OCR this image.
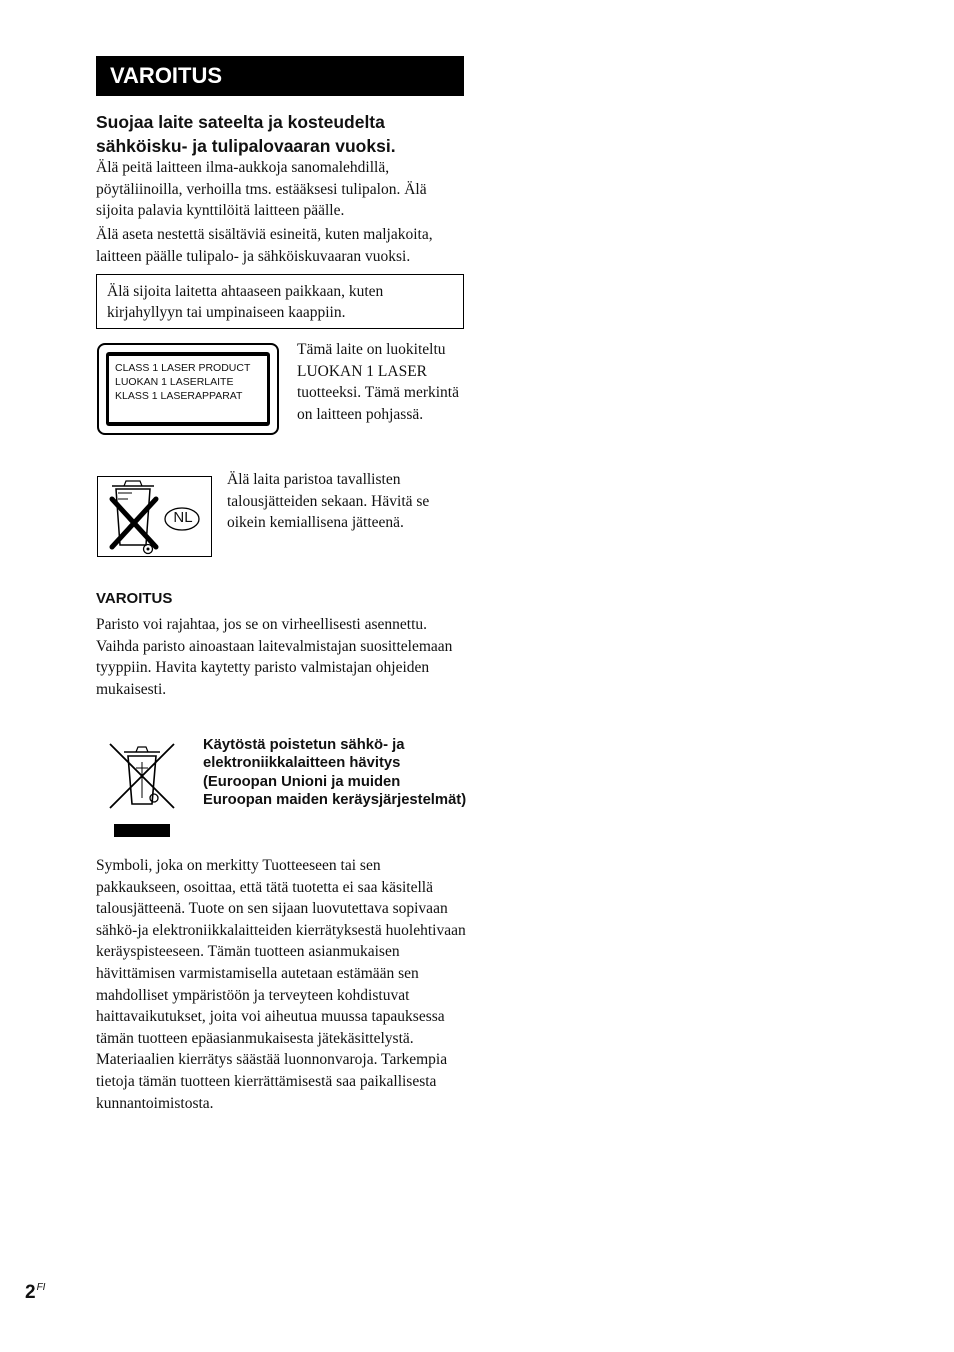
VAROITUS
Suojaa laite sateelta ja kosteudelta
sähköisku- ja tulipalovaaran vuoksi.

Älä peitä laitteen ilma-aukkoja sanomalehdillä, pöytäliinoilla, verhoilla tms. estääksesi tulipalon. Älä sijoita palavia kynttilöitä laitteen päälle.

Älä aseta nestettä sisältäviä esineitä, kuten maljakoita, laitteen päälle tulipalo- ja sähköiskuvaaran vuoksi.

Älä sijoita laitetta ahtaaseen paikkaan, kuten kirjahyllyyn tai umpinaiseen kaappiin.
CLASS 1 LASER PRODUCT
LUOKAN 1 LASERLAITE
KLASS 1 LASERAPPARAT

Tämä laite on luokiteltu LUOKAN 1 LASER tuotteeksi. Tämä merkintä on laitteen pohjassä.

NL

Älä laita paristoa tavallisten talousjätteiden sekaan. Hävitä se oikein kemiallisena jätteenä.

VAROITUS

Paristo voi rajahtaa, jos se on virheellisesti asennettu. Vaihda paristo ainoastaan laitevalmistajan suosittelemaan tyyppiin. Havita kaytetty paristo valmistajan ohjeiden mukaisesti.

Käytöstä poistetun sähkö- ja elektroniikkalaitteen hävitys (Euroopan Unioni ja muiden Euroopan maiden keräysjärjestelmät)

Symboli, joka on merkitty Tuotteeseen tai sen pakkaukseen, osoittaa, että tätä tuotetta ei saa käsitellä talousjätteenä. Tuote on sen sijaan luovutettava sopivaan sähkö-ja elektroniikkalaitteiden kierrätyksestä huolehtivaan keräyspisteeseen. Tämän tuotteen asianmukaisen hävittämisen varmistamisella autetaan estämään sen mahdolliset ympäristöön ja terveyteen kohdistuvat haittavaikutukset, joita voi aiheutua muussa tapauksessa tämän tuotteen epäasianmukaisesta jätekäsittelystä. Materiaalien kierrätys säästää luonnonvaroja. Tarkempia tietoja tämän tuotteen kierrättämisestä saa paikallisesta kunnantoimistosta.

$2^{FI}$
